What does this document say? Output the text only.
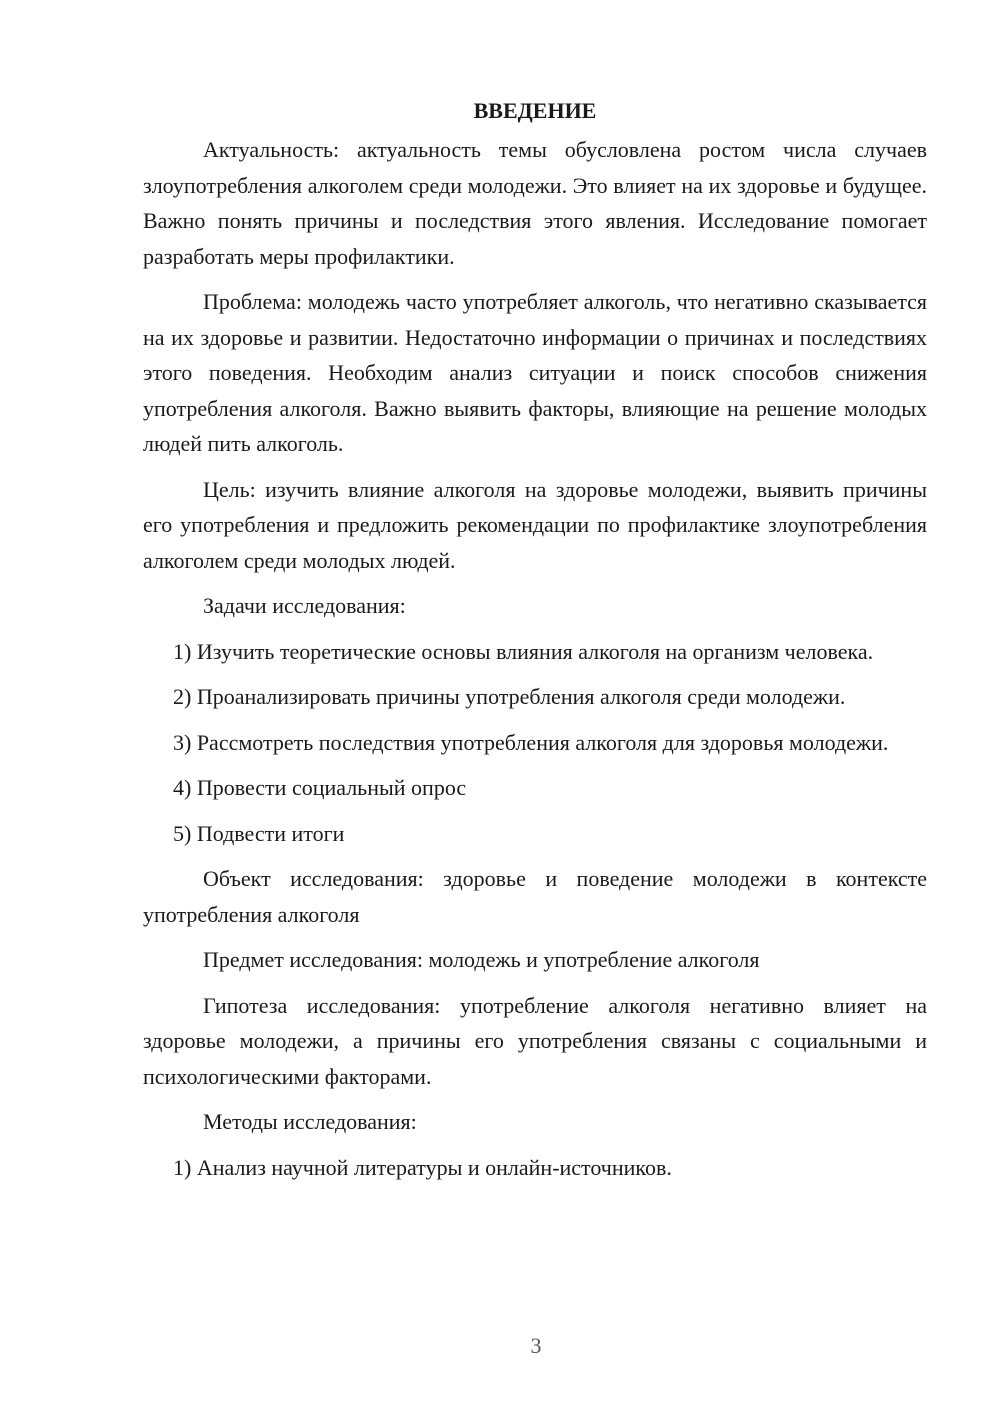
ВВЕДЕНИЕ

Актуальность: актуальность темы обусловлена ростом числа случаев злоупотребления алкоголем среди молодежи. Это влияет на их здоровье и будущее. Важно понять причины и последствия этого явления. Исследование помогает разработать меры профилактики.

Проблема: молодежь часто употребляет алкоголь, что негативно сказывается на их здоровье и развитии. Недостаточно информации о причинах и последствиях этого поведения. Необходим анализ ситуации и поиск способов снижения употребления алкоголя. Важно выявить факторы, влияющие на решение молодых людей пить алкоголь.

Цель: изучить влияние алкоголя на здоровье молодежи, выявить причины его употребления и предложить рекомендации по профилактике злоупотребления алкоголем среди молодых людей.

Задачи исследования:

1) Изучить теоретические основы влияния алкоголя на организм человека.

2) Проанализировать причины употребления алкоголя среди молодежи.

3) Рассмотреть последствия употребления алкоголя для здоровья молодежи.

4) Провести социальный опрос

5) Подвести итоги

Объект исследования: здоровье и поведение молодежи в контексте употребления алкоголя

Предмет исследования: молодежь и употребление алкоголя

Гипотеза исследования: употребление алкоголя негативно влияет на здоровье молодежи, а причины его употребления связаны с социальными и психологическими факторами.

Методы исследования:

1) Анализ научной литературы и онлайн-источников.

3
